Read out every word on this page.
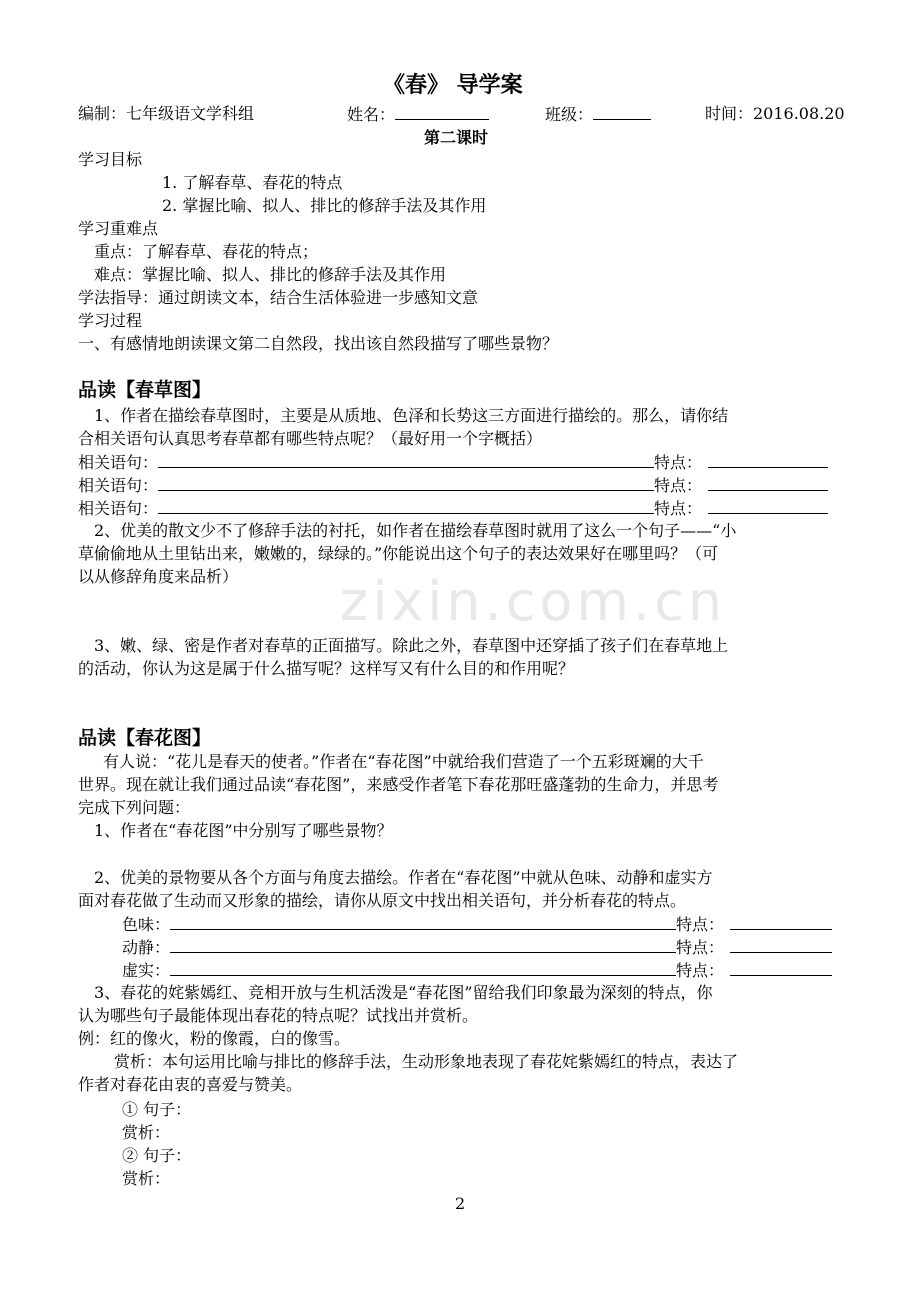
zixin.com.cn
《春》 导学案
编制：七年级语文学科组	姓名：	班级：	时间：2016.08.20
第二课时
学习目标
1. 了解春草、春花的特点
2. 掌握比喻、拟人、排比的修辞手法及其作用
学习重难点
重点：了解春草、春花的特点；
难点：掌握比喻、拟人、排比的修辞手法及其作用
学法指导：通过朗读文本，结合生活体验进一步感知文意
学习过程
一、有感情地朗读课文第二自然段，找出该自然段描写了哪些景物？
品读【春草图】
1、作者在描绘春草图时，主要是从质地、色泽和长势这三方面进行描绘的。那么，请你结
合相关语句认真思考春草都有哪些特点呢？（最好用一个字概括）
相关语句：	特点：
相关语句：	特点：
相关语句：	特点：
2、优美的散文少不了修辞手法的衬托，如作者在描绘春草图时就用了这么一个句子——“小
草偷偷地从土里钻出来，嫩嫩的，绿绿的。”你能说出这个句子的表达效果好在哪里吗？（可
以从修辞角度来品析）
3、嫩、绿、密是作者对春草的正面描写。除此之外，春草图中还穿插了孩子们在春草地上
的活动，你认为这是属于什么描写呢？这样写又有什么目的和作用呢？
品读【春花图】
有人说：“花儿是春天的使者。”作者在“春花图”中就给我们营造了一个五彩斑斓的大千
世界。现在就让我们通过品读“春花图”，来感受作者笔下春花那旺盛蓬勃的生命力，并思考
完成下列问题：
1、作者在“春花图”中分别写了哪些景物？
2、优美的景物要从各个方面与角度去描绘。作者在“春花图”中就从色味、动静和虚实方
面对春花做了生动而又形象的描绘，请你从原文中找出相关语句，并分析春花的特点。
色味：	特点：
动静：	特点：
虚实：	特点：
3、春花的姹紫嫣红、竞相开放与生机活泼是“春花图”留给我们印象最为深刻的特点，你
认为哪些句子最能体现出春花的特点呢？试找出并赏析。
例：红的像火，粉的像霞，白的像雪。
赏析：本句运用比喻与排比的修辞手法，生动形象地表现了春花姹紫嫣红的特点，表达了
作者对春花由衷的喜爱与赞美。
① 句子：
赏析：
② 句子：
赏析：
2
